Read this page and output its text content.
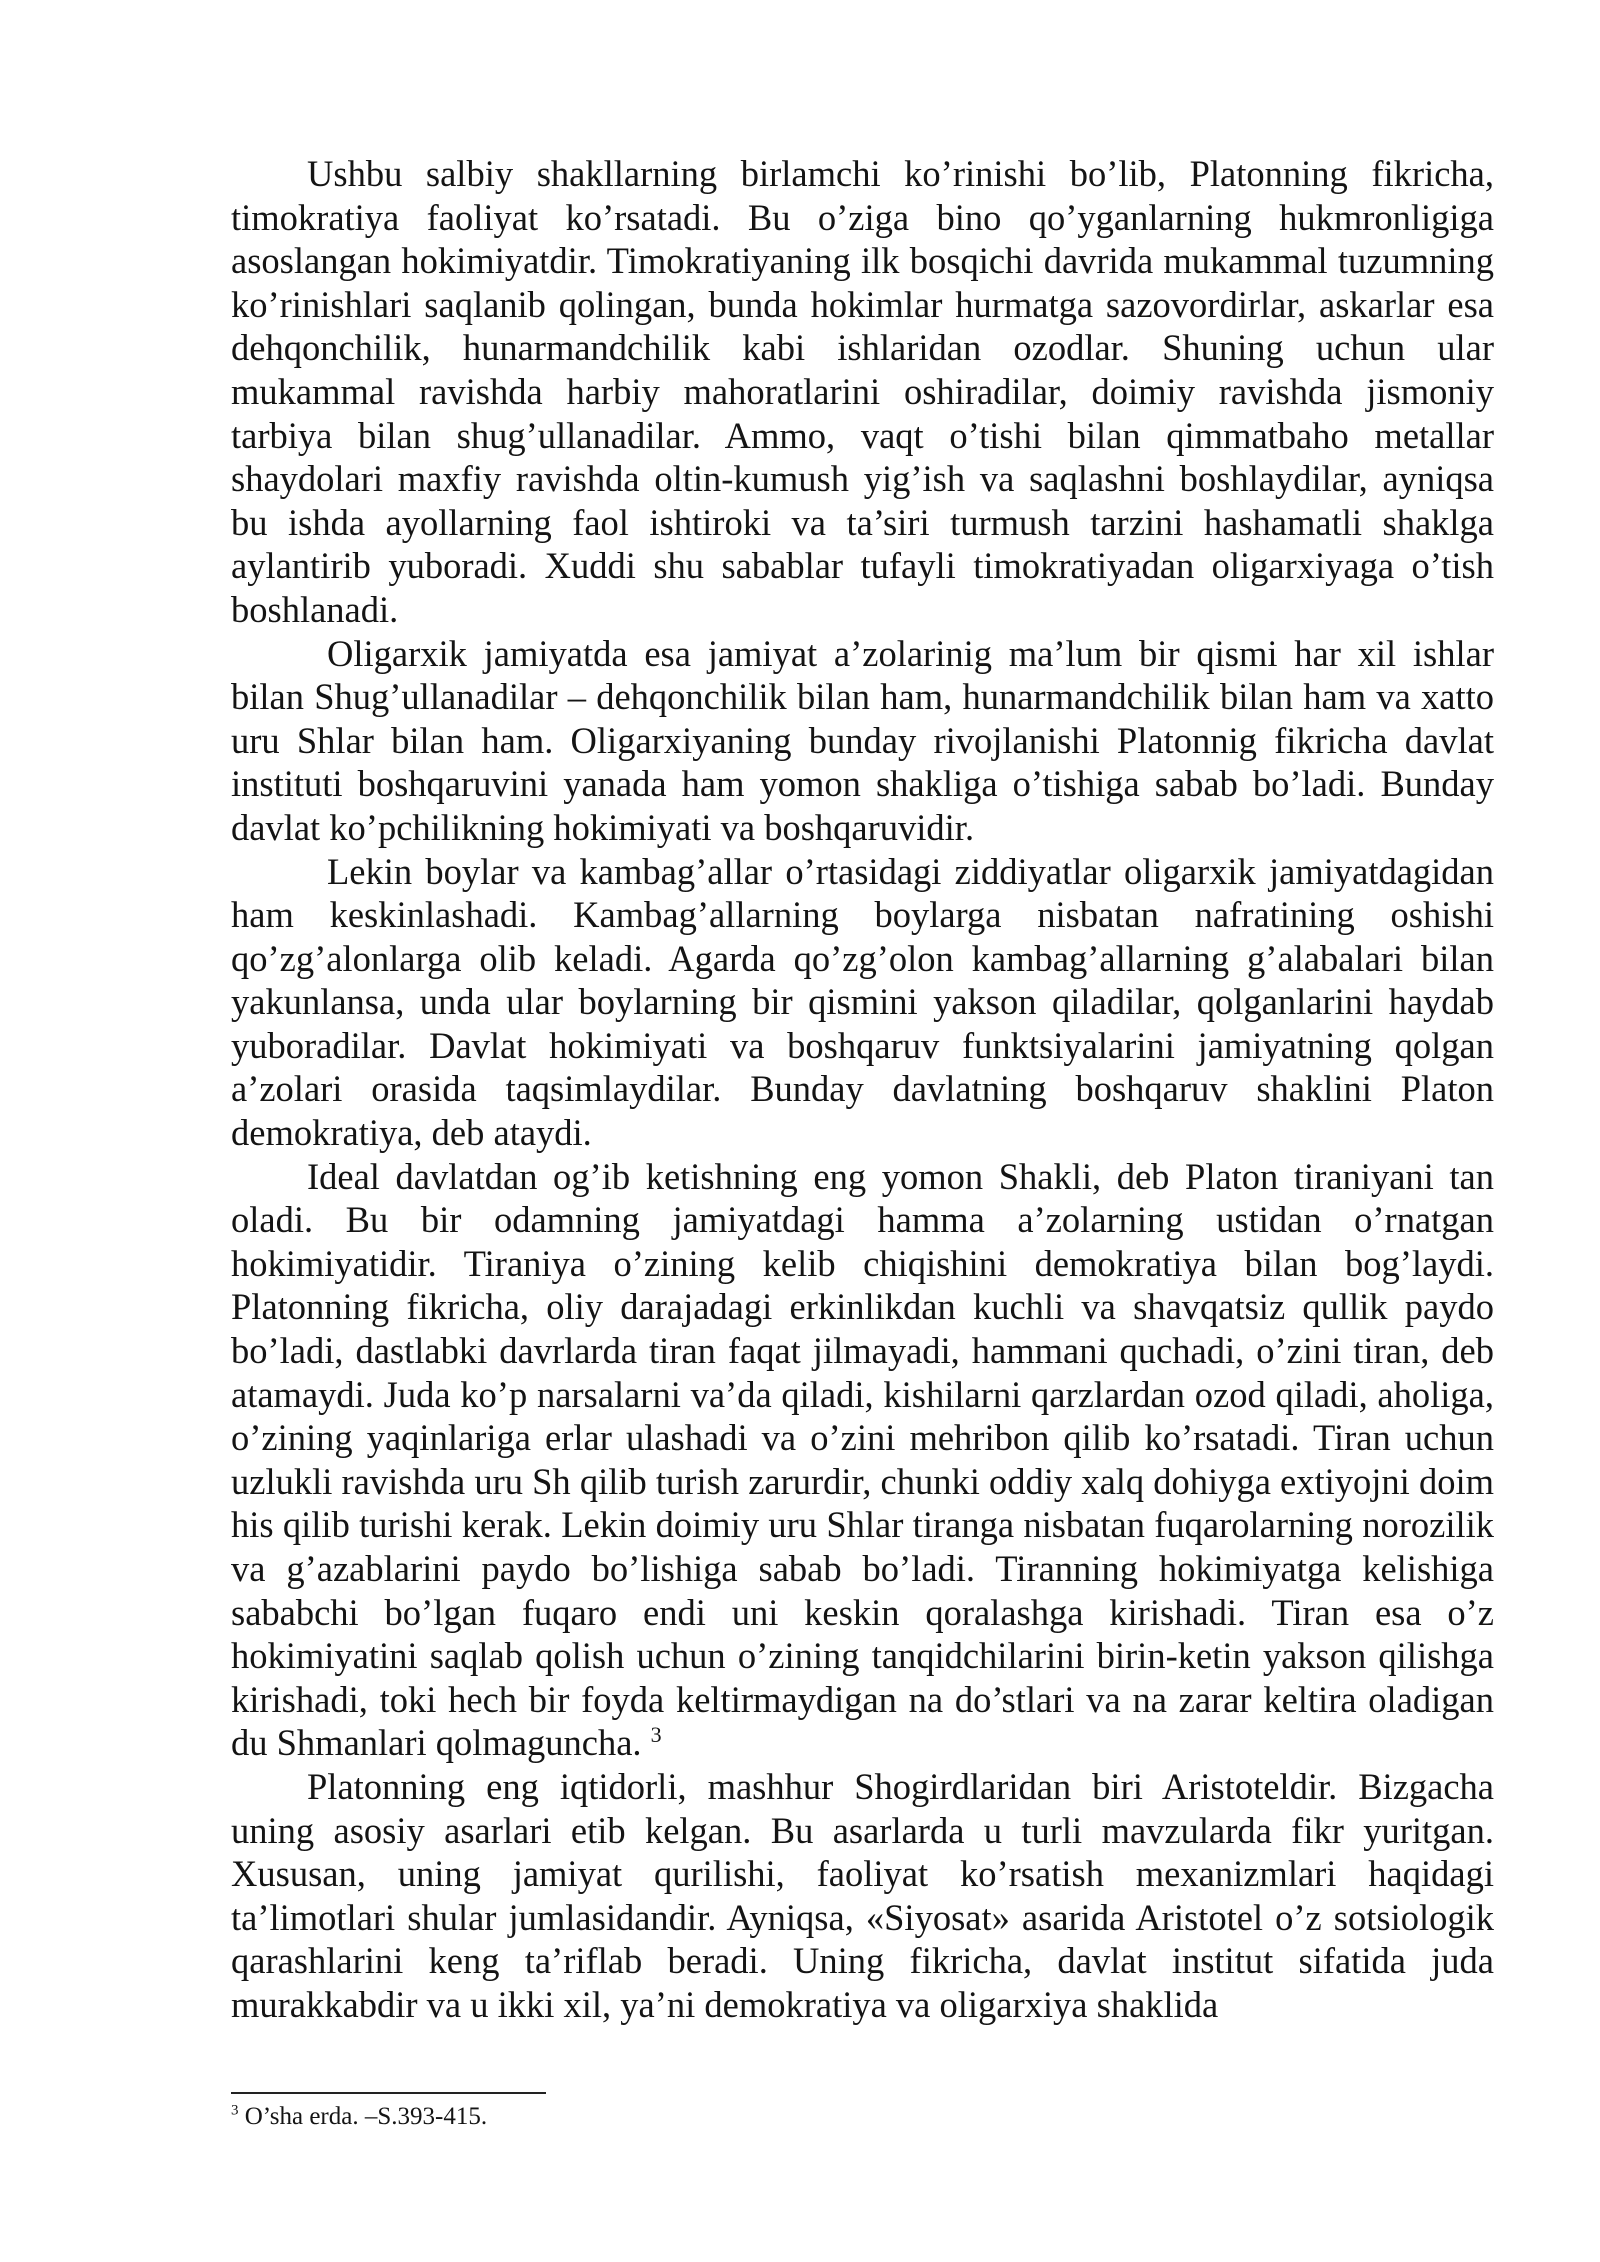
Ushbu salbiy shakllarning birlamchi ko’rinishi bo’lib, Platonning fikricha, timokratiya faoliyat ko’rsatadi. Bu o’ziga bino qo’yganlarning hukmronligiga asoslangan hokimiyatdir. Timokratiyaning ilk bosqichi davrida mukammal tuzumning ko’rinishlari saqlanib qolingan, bunda hokimlar hurmatga sazovordirlar, askarlar esa dehqonchilik, hunarmandchilik kabi ishlaridan ozodlar. Shuning uchun ular mukammal ravishda harbiy mahoratlarini oshiradilar, doimiy ravishda jismoniy tarbiya bilan shug’ullanadilar. Ammo, vaqt o’tishi bilan qimmatbaho metallar shaydolari maxfiy ravishda oltin-kumush yig’ish va saqlashni boshlaydilar, ayniqsa bu ishda ayollarning faol ishtiroki va ta’siri turmush tarzini hashamatli shaklga aylantirib yuboradi. Xuddi shu sabablar tufayli timokratiyadan oligarxiyaga o’tish boshlanadi.

Oligarxik jamiyatda esa jamiyat a’zolarinig ma’lum bir qismi har xil ishlar bilan Shug’ullanadilar – dehqonchilik bilan ham, hunarmandchilik bilan ham va xatto uru Shlar bilan ham. Oligarxiyaning bunday rivojlanishi Platonnig fikricha davlat instituti boshqaruvini yanada ham yomon shakliga o’tishiga sabab bo’ladi. Bunday davlat ko’pchilikning hokimiyati va boshqaruvidir.

Lekin boylar va kambag’allar o’rtasidagi ziddiyatlar oligarxik jamiyatdagidan ham keskinlashadi. Kambag’allarning boylarga nisbatan nafratining oshishi qo’zg’alonlarga olib keladi. Agarda qo’zg’olon kambag’allarning g’alabalari bilan yakunlansa, unda ular boylarning bir qismini yakson qiladilar, qolganlarini haydab yuboradilar. Davlat hokimiyati va boshqaruv funktsiyalarini jamiyatning qolgan a’zolari orasida taqsimlaydilar. Bunday davlatning boshqaruv shaklini Platon demokratiya, deb ataydi.

Ideal davlatdan og’ib ketishning eng yomon Shakli, deb Platon tiraniyani tan oladi. Bu bir odamning jamiyatdagi hamma a’zolarning ustidan o’rnatgan hokimiyatidir. Tiraniya o’zining kelib chiqishini demokratiya bilan bog’laydi. Platonning fikricha, oliy darajadagi erkinlikdan kuchli va shavqatsiz qullik paydo bo’ladi, dastlabki davrlarda tiran faqat jilmayadi, hammani quchadi, o’zini tiran, deb atamaydi. Juda ko’p narsalarni va’da qiladi, kishilarni qarzlardan ozod qiladi, aholiga, o’zining yaqinlariga erlar ulashadi va o’zini mehribon qilib ko’rsatadi. Tiran uchun uzlukli ravishda uru Sh qilib turish zarurdir, chunki oddiy xalq dohiyga extiyojni doim his qilib turishi kerak. Lekin doimiy uru Shlar tiranga nisbatan fuqarolarning norozilik va g’azablarini paydo bo’lishiga sabab bo’ladi. Tiranning hokimiyatga kelishiga sababchi bo’lgan fuqaro endi uni keskin qoralashga kirishadi. Tiran esa o’z hokimiyatini saqlab qolish uchun o’zining tanqidchilarini birin-ketin yakson qilishga kirishadi, toki hech bir foyda keltirmaydigan na do’stlari va na zarar keltira oladigan du Shmanlari qolmaguncha. $^3$

Platonning eng iqtidorli, mashhur Shogirdlaridan biri Aristoteldir. Bizgacha uning asosiy asarlari etib kelgan. Bu asarlarda u turli mavzularda fikr yuritgan. Xususan, uning jamiyat qurilishi, faoliyat ko’rsatish mexanizmlari haqidagi ta’limotlari shular jumlasidandir. Ayniqsa, «Siyosat» asarida Aristotel o’z sotsiologik qarashlarini keng ta’riflab beradi. Uning fikricha, davlat institut sifatida juda murakkabdir va u ikki xil, ya’ni demokratiya va oligarxiya shaklida

$^3$ O’sha erda. –S.393-415.
